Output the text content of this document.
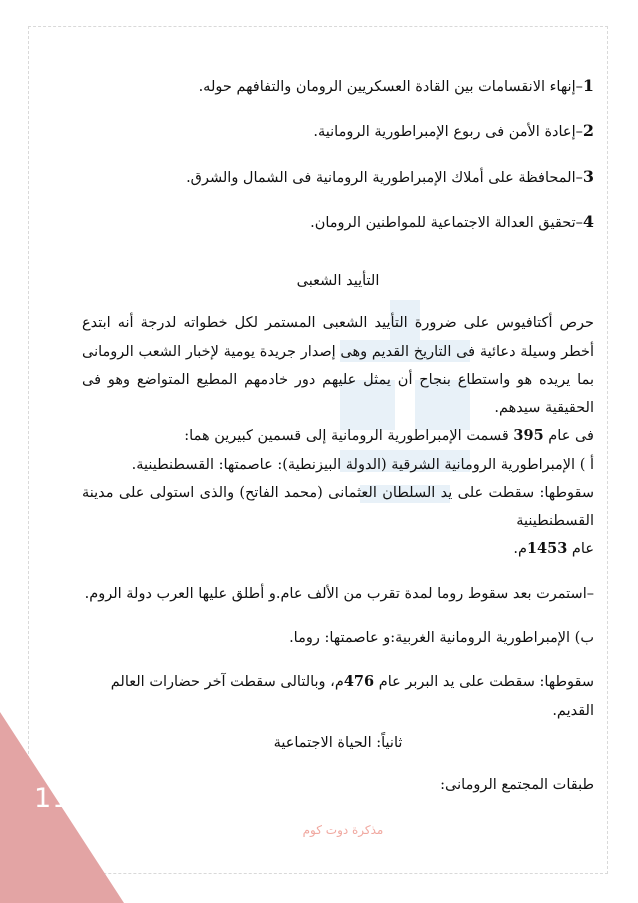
1–إنهاء الانقسامات بين القادة العسكريين الرومان والتفافهم حوله.

2–إعادة الأمن فى ربوع الإمبراطورية الرومانية.

3–المحافظة على أملاك الإمبراطورية الرومانية فى الشمال والشرق.

4–تحقيق العدالة الاجتماعية للمواطنين الرومان.

التأييد الشعبى

حرص أكتافيوس على ضرورة التأييد الشعبى المستمر لكل خطواته لدرجة أنه ابتدع أخطر وسيلة دعائية فى التاريخ القديم وهى إصدار جريدة يومية لإخبار الشعب الرومانى بما يريده هو واستطاع بنجاح أن يمثل عليهم دور خادمهم المطيع المتواضع وهو فى الحقيقية سيدهم.

فى عام 395 قسمت الإمبراطورية الرومانية إلى قسمين كبيرين هما:

أ ) الإمبراطورية الرومانية الشرقية (الدولة البيزنطية): عاصمتها: القسطنطينية.

سقوطها: سقطت على يد السلطان العثمانى (محمد الفاتح) والذى استولى على مدينة القسطنطينية

عام 1453م.

–استمرت بعد سقوط روما لمدة تقرب من الألف عام.و أطلق عليها العرب دولة الروم.

ب) الإمبراطورية الرومانية الغربية:و عاصمتها: روما.

سقوطها: سقطت على يد البربر عام 476م، وبالتالى سقطت آخر حضارات العالم القديم.

ثانياً: الحياة الاجتماعية

طبقات المجتمع الرومانى:

118
مذكرة دوت كوم
